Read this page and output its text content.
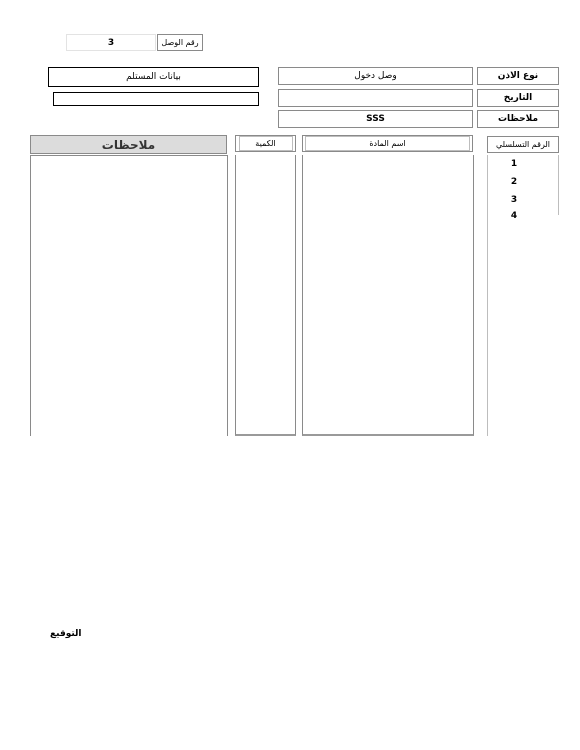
3	رقم الوصل
بيانات المستلم	وصل دخول	نوع الاذن
التاريخ
SSS	ملاحظات
ملاحظات	الكمية	اسم المادة	الرقم التسلسلي
1
2
3
4
التوقيع
